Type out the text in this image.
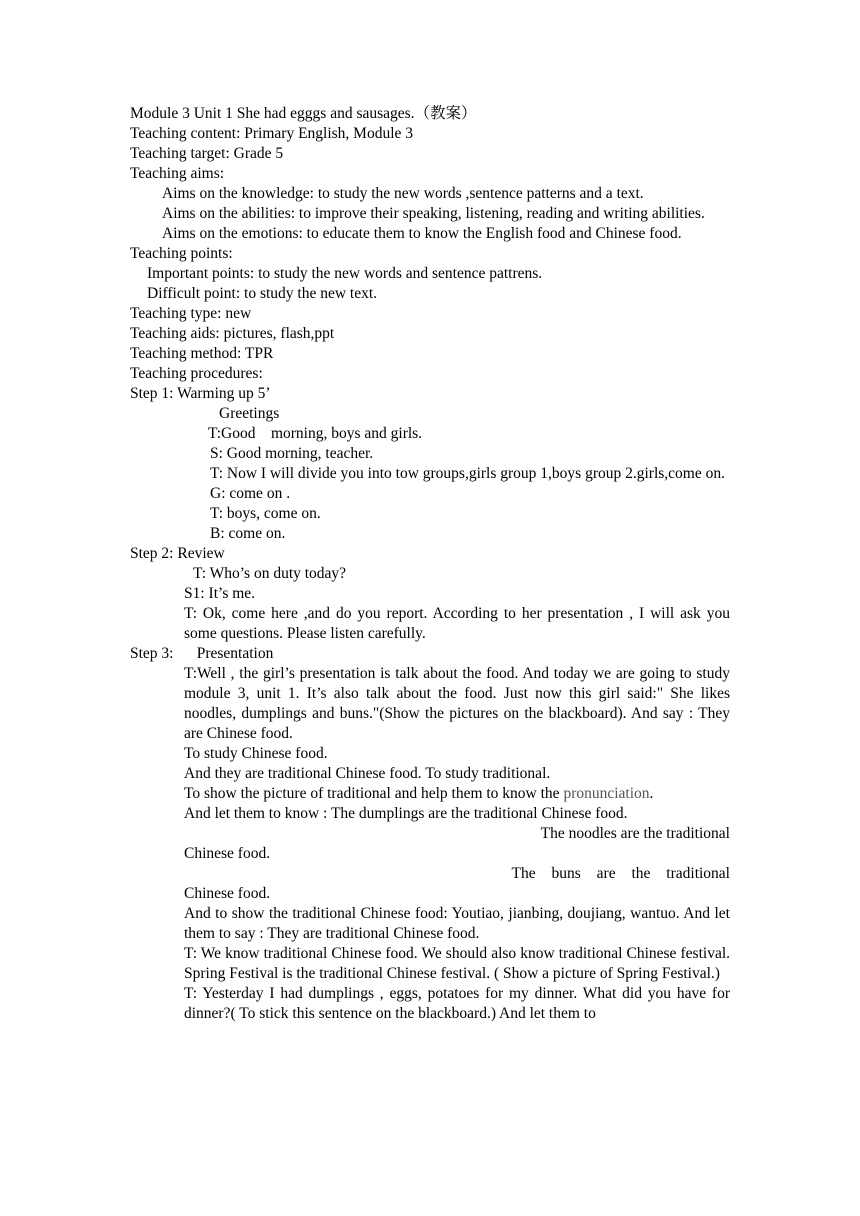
Module 3 Unit 1 She had egggs and sausages.（教案）
Teaching content: Primary English, Module 3
Teaching target: Grade 5
Teaching aims:
Aims on the knowledge: to study the new words ,sentence patterns and a text.
Aims on the abilities: to improve their speaking, listening, reading and writing abilities.
Aims on the emotions: to educate them to know the English food and Chinese food.
Teaching points:
Important points: to study the new words and sentence pattrens.
Difficult point: to study the new text.
Teaching type: new
Teaching aids: pictures, flash,ppt
Teaching method: TPR
Teaching procedures:
Step 1: Warming up 5’
Greetings
T:Good    morning, boys and girls.
S: Good morning, teacher.
T: Now I will divide you into tow groups,girls group 1,boys group 2.girls,come on.
G: come on .
T: boys, come on.
B: come on.
Step 2: Review
T: Who’s on duty today?
S1: It’s me.
T: Ok, come here ,and do you report. According to her presentation , I will ask you some questions. Please listen carefully.
Step 3:      Presentation
T:Well , the girl’s presentation is talk about the food. And today we are going to study module 3, unit 1. It’s also talk about the food. Just now this girl said:" She likes noodles, dumplings and buns."(Show the pictures on the blackboard). And say : They are Chinese food.
To study Chinese food.
And they are traditional Chinese food. To study traditional.
To show the picture of traditional and help them to know the pronunciation.
And let them to know : The dumplings are the traditional Chinese food.
The noodles are the traditional
Chinese food.
The buns are the traditional
Chinese food.
And to show the traditional Chinese food: Youtiao, jianbing, doujiang, wantuo. And let them to say : They are traditional Chinese food.
T: We know traditional Chinese food. We should also know traditional Chinese festival. Spring Festival is the traditional Chinese festival. ( Show a picture of Spring Festival.)
T: Yesterday I had dumplings , eggs, potatoes for my dinner. What did you have for dinner?( To stick this sentence on the blackboard.) And let them to
